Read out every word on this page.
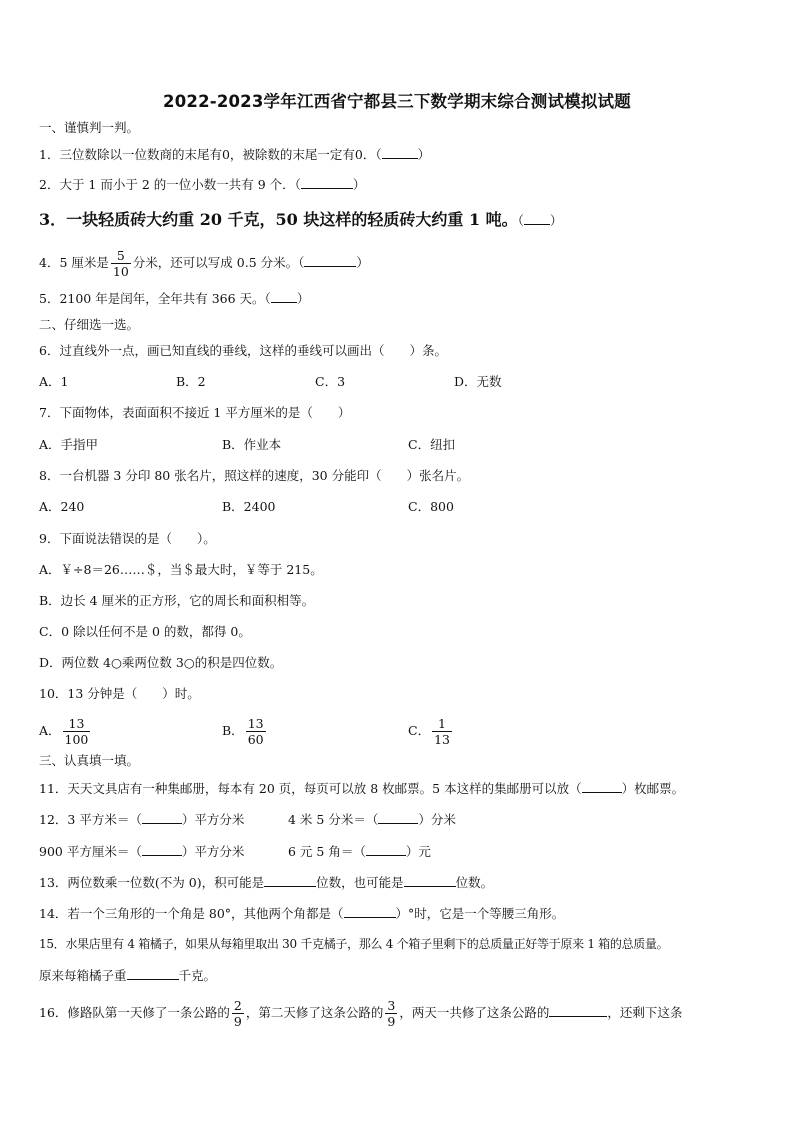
2022-2023学年江西省宁都县三下数学期末综合测试模拟试题
一、谨慎判一判。
1．三位数除以一位数商的末尾有0，被除数的末尾一定有0．（	）
2．大于 1 而小于 2 的一位小数一共有 9 个．（	）
3．一块轻质砖大约重 20 千克，50 块这样的轻质砖大约重 1 吨。（ ）
4．5 厘米是 $\frac{5}{10}$ 分米，还可以写成 0.5 分米。（	）
5．2100 年是闰年，全年共有 366 天。（ ）
二、仔细选一选。
6．过直线外一点，画已知直线的垂线，这样的垂线可以画出（　　）条。
A．1	B．2	C．3	D．无数
7．下面物体，表面面积不接近 1 平方厘米的是（　　）
A．手指甲	B．作业本	C．纽扣
8．一台机器 3 分印 80 张名片，照这样的速度，30 分能印（　　）张名片。
A．240	B．2400	C．800
9．下面说法错误的是（　　）。
A．￥÷8＝26……＄，当＄最大时，￥等于 215。
B．边长 4 厘米的正方形，它的周长和面积相等。
C．0 除以任何不是 0 的数，都得 0。
D．两位数 4○乘两位数 3○的积是四位数。
10．13 分钟是（　　）时。
A． $\frac{13}{100}$	B． $\frac{13}{60}$	C． $\frac{1}{13}$
三、认真填一填。
11．天天文具店有一种集邮册，每本有 20 页，每页可以放 8 枚邮票。5 本这样的集邮册可以放（	）枚邮票。
12．3 平方米＝（	）平方分米	4 米 5 分米＝（	）分米
900 平方厘米＝（	）平方分米	6 元 5 角＝（	）元
13．两位数乘一位数(不为 0)，积可能是	位数，也可能是	位数。
14．若一个三角形的一个角是 80°，其他两个角都是（	）°时，它是一个等腰三角形。
15．水果店里有 4 箱橘子，如果从每箱里取出 30 千克橘子，那么 4 个箱子里剩下的总质量正好等于原来 1 箱的总质量。
原来每箱橘子重	千克。
16．修路队第一天修了一条公路的 $\frac{2}{9}$ ，第二天修了这条公路的 $\frac{3}{9}$ ，两天一共修了这条公路的	，还剩下这条
